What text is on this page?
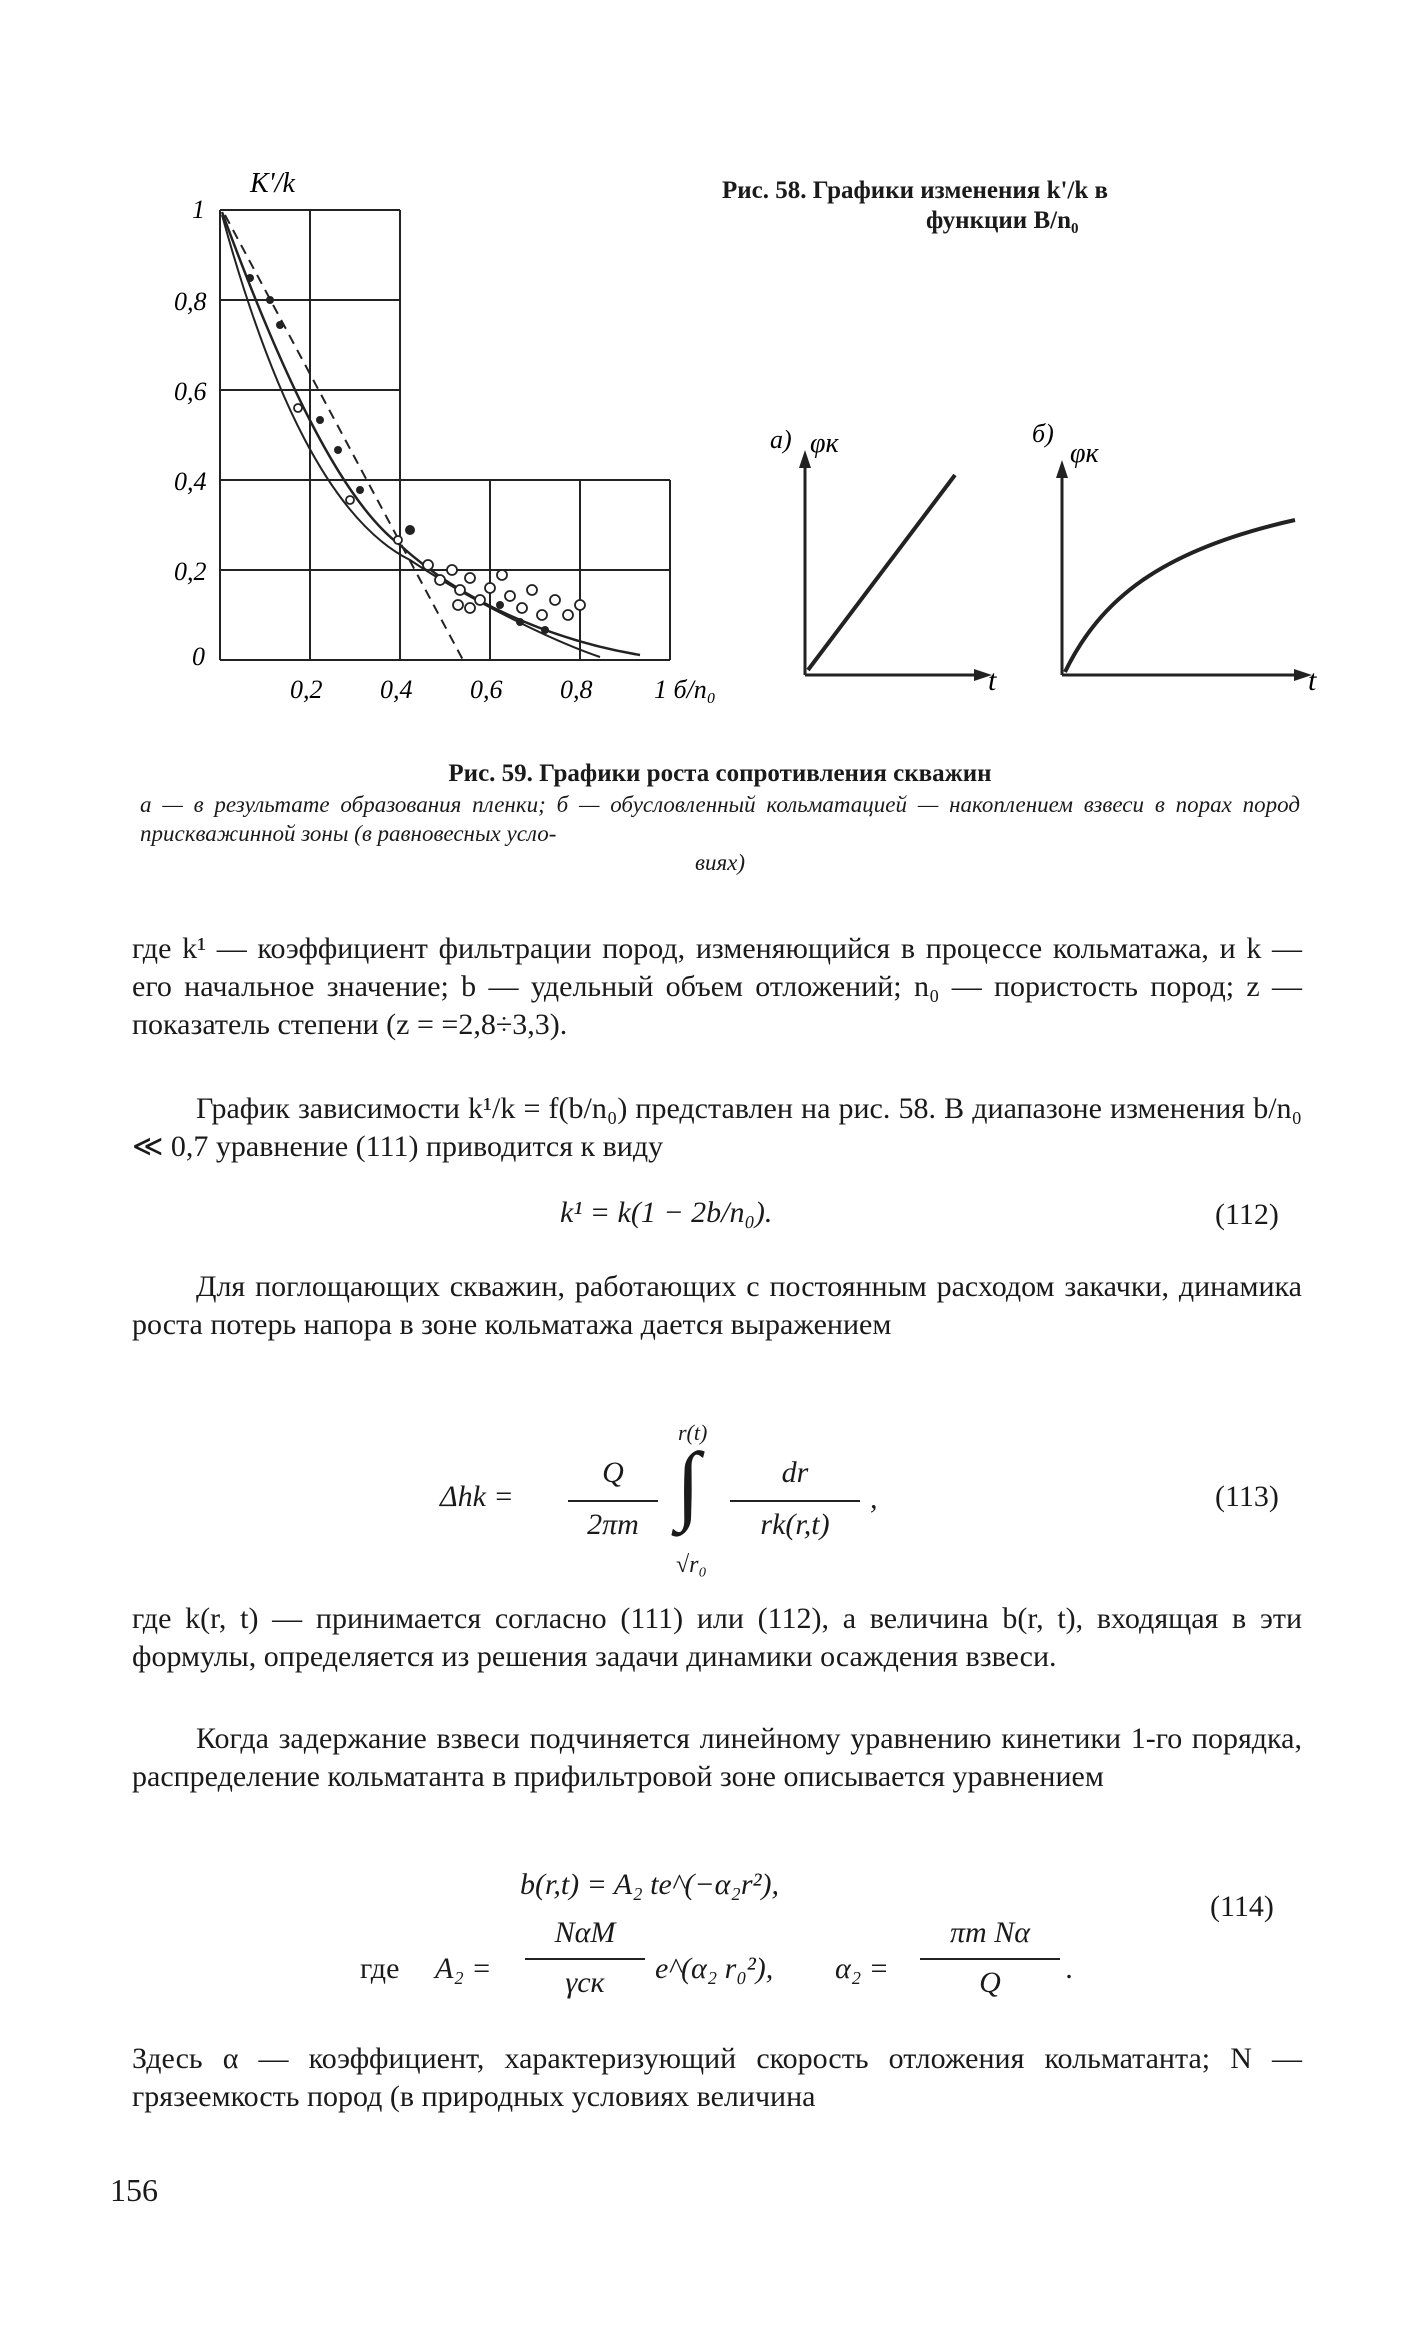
K'/k
1
0,8
0,6
0,4
0,2
0
0,2 0,4 0,6 0,8 1 б/n₀
Рис. 58. Графики изменения k'/k в
функции B/n₀
а) φк
t
б)
φк
t
Рис. 59. Графики роста сопротивления скважин
а — в результате образования пленки; б — обусловленный кольматацией — накоплением взвеси в порах пород прискважинной зоны (в равновесных усло-
виях)
где k¹ — коэффициент фильтрации пород, изменяющийся в процессе кольматажа, и k — его начальное значение; b — удельный объем отложений; n₀ — пористость пород; z — показатель степени (z = =2,8÷3,3).
График зависимости k¹/k = f(b/n₀) представлен на рис. 58. В диапазоне изменения b/n₀ ≪ 0,7 уравнение (111) приводится к виду
k¹ = k(1 − 2b/n₀).	(112)
Для поглощающих скважин, работающих с постоянным расходом закачки, динамика роста потерь напора в зоне кольматажа дается выражением
Δhk =
Q
2πm
r(t)
∫
√r₀
dr
rk(r,t)
,	(113)
где k(r, t) — принимается согласно (111) или (112), а величина b(r, t), входящая в эти формулы, определяется из решения задачи динамики осаждения взвеси.
Когда задержание взвеси подчиняется линейному уравнению кинетики 1-го порядка, распределение кольматанта в прифильтровой зоне описывается уравнением
b(r,t) = A₂ te^(−α₂r²),
(114)
где A₂ =
NαM
γск	e^(α₂ r₀²), α₂ =
πm Nα
Q	.
Здесь α — коэффициент, характеризующий скорость отложения кольматанта; N — грязеемкость пород (в природных условиях величина
156
